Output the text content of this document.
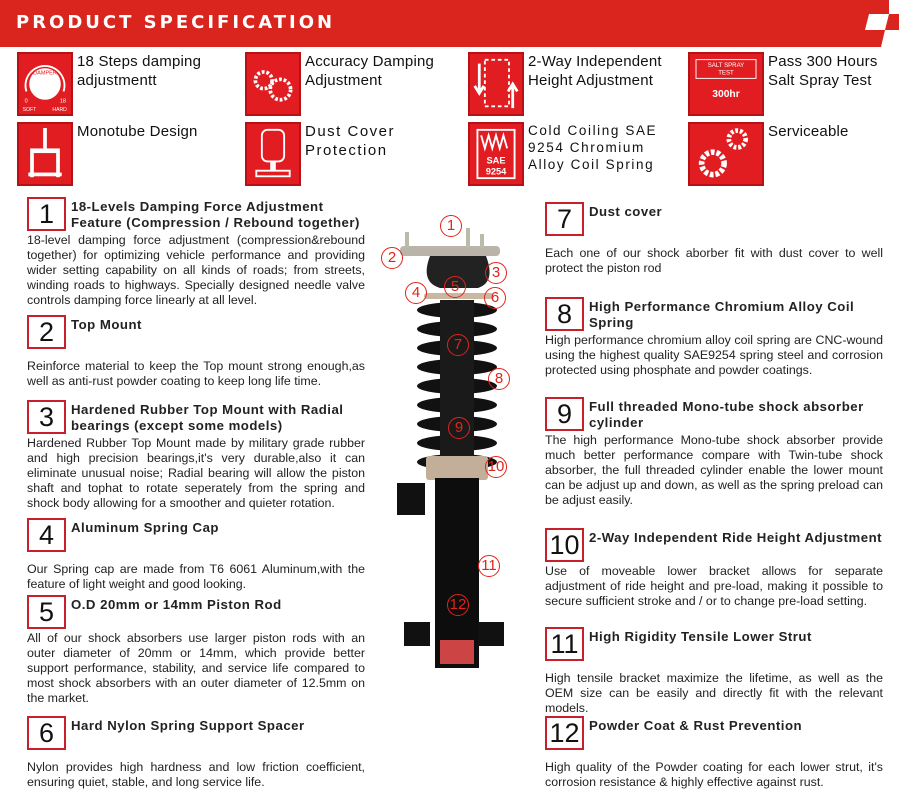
PRODUCT SPECIFICATION
DAMPER
0	18
SOFT	HARD
18 Steps damping adjustmentt
Accuracy Damping Adjustment
2-Way Independent Height Adjustment
SALT SPRAY
TEST
300hr
Pass 300 Hours Salt Spray Test
Monotube Design	Dust Cover Protection
SAE
9254
Cold Coiling SAE 9254 Chromium Alloy Coil Spring
Serviceable
1	18-Levels Damping Force Adjustment Feature (Compression / Rebound together)

18-level damping force adjustment (compression&rebound together) for optimizing vehicle performance and providing wider setting capability on all kinds of roads; from streets, winding roads to highways. Specially designed needle valve controls damping force linearly at all level.

2	Top Mount

Reinforce material to keep the Top mount strong enough,as well as anti-rust powder coating to keep long life time.

3	Hardened Rubber Top Mount with Radial bearings (except some models)

Hardened Rubber Top Mount made by military grade rubber and high precision bearings,it's very durable,also it can eliminate unusual noise; Radial bearing will allow the piston shaft and tophat to rotate seperately from the spring and shock body allowing for a smoother and quieter rotation.

4	Aluminum Spring Cap

Our Spring cap are made from T6 6061 Aluminum,with the feature of light weight and good looking.

5	O.D 20mm or 14mm Piston Rod

All of our shock absorbers use larger piston rods with an outer diameter of 20mm or 14mm, which provide better support performance, stability, and service life compared to most shock absorbers with an outer diameter of 12.5mm on the market.

6	Hard Nylon Spring Support Spacer

Nylon provides high hardness and low friction coefficient, ensuring quiet, stable, and long service life.

7	Dust cover

Each one of our shock aborber fit with dust cover to well protect the piston rod

8	High Performance Chromium Alloy Coil Spring

High performance chromium alloy coil spring are CNC-wound using the highest quality SAE9254 spring steel and corrosion protected using phosphate and powder coatings.

9	Full threaded Mono-tube shock absorber cylinder

The high performance Mono-tube shock absorber provide much better performance compare with Twin-tube shock absorber, the full threaded cylinder enable the lower mount can be adjust up and down, as well as the spring preload can be adjust easily.

10 2-Way Independent Ride Height Adjustment

Use of moveable lower bracket allows for separate adjustment of ride height and pre-load, making it possible to secure sufficient stroke and / or to change pre-load setting.

11 High Rigidity Tensile Lower Strut

High tensile bracket maximize the lifetime, as well as the OEM size can be easily and directly fit with the relevant models.

12 Powder Coat & Rust Prevention

High quality of the Powder coating for each lower strut, it's corrosion resistance & highly effective against rust.

1
2
3
4	5
6
7
8
9
10
11
12
